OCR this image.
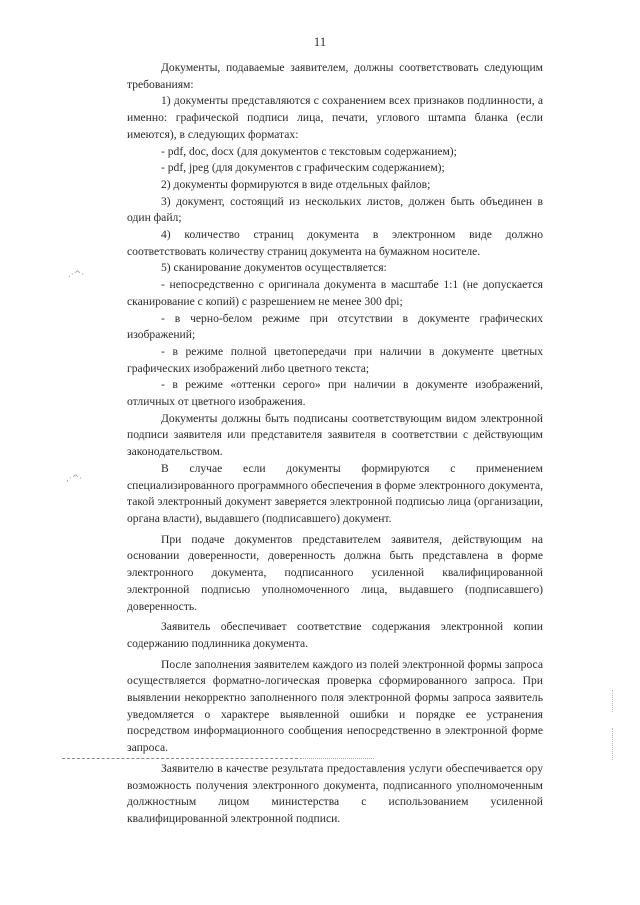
11

Документы, подаваемые заявителем, должны соответствовать следующим требованиям:

1) документы представляются с сохранением всех признаков подлинности, а именно: графической подписи лица, печати, углового штампа бланка (если имеются), в следующих форматах:

- pdf, doc, docx (для документов с текстовым содержанием);

- pdf, jpeg (для документов с графическим содержанием);

2) документы формируются в виде отдельных файлов;

3) документ, состоящий из нескольких листов, должен быть объединен в один файл;

4) количество страниц документа в электронном виде должно соответствовать количеству страниц документа на бумажном носителе.

5) сканирование документов осуществляется:

- непосредственно с оригинала документа в масштабе 1:1 (не допускается сканирование с копий) с разрешением не менее 300 dpi;

- в черно-белом режиме при отсутствии в документе графических изображений;

- в режиме полной цветопередачи при наличии в документе цветных графических изображений либо цветного текста;

- в режиме «оттенки серого» при наличии в документе изображений, отличных от цветного изображения.

Документы должны быть подписаны соответствующим видом электронной подписи заявителя или представителя заявителя в соответствии с действующим законодательством.

В случае если документы формируются с применением специализированного программного обеспечения в форме электронного документа, такой электронный документ заверяется электронной подписью лица (организации, органа власти), выдавшего (подписавшего) документ.

При подаче документов представителем заявителя, действующим на основании доверенности, доверенность должна быть представлена в форме электронного документа, подписанного усиленной квалифицированной электронной подписью уполномоченного лица, выдавшего (подписавшего) доверенность.

Заявитель обеспечивает соответствие содержания электронной копии содержанию подлинника документа.

После заполнения заявителем каждого из полей электронной формы запроса осуществляется форматно-логическая проверка сформированного запроса. При выявлении некорректно заполненного поля электронной формы запроса заявитель уведомляется о характере выявленной ошибки и порядке ее устранения посредством информационного сообщения непосредственно в электронной форме запроса.

Заявителю в качестве результата предоставления услуги обеспечивается ору возможность получения электронного документа, подписанного уполномоченным должностным лицом министерства с использованием усиленной квалифицированной электронной подписи.

.·^·
,·^·
